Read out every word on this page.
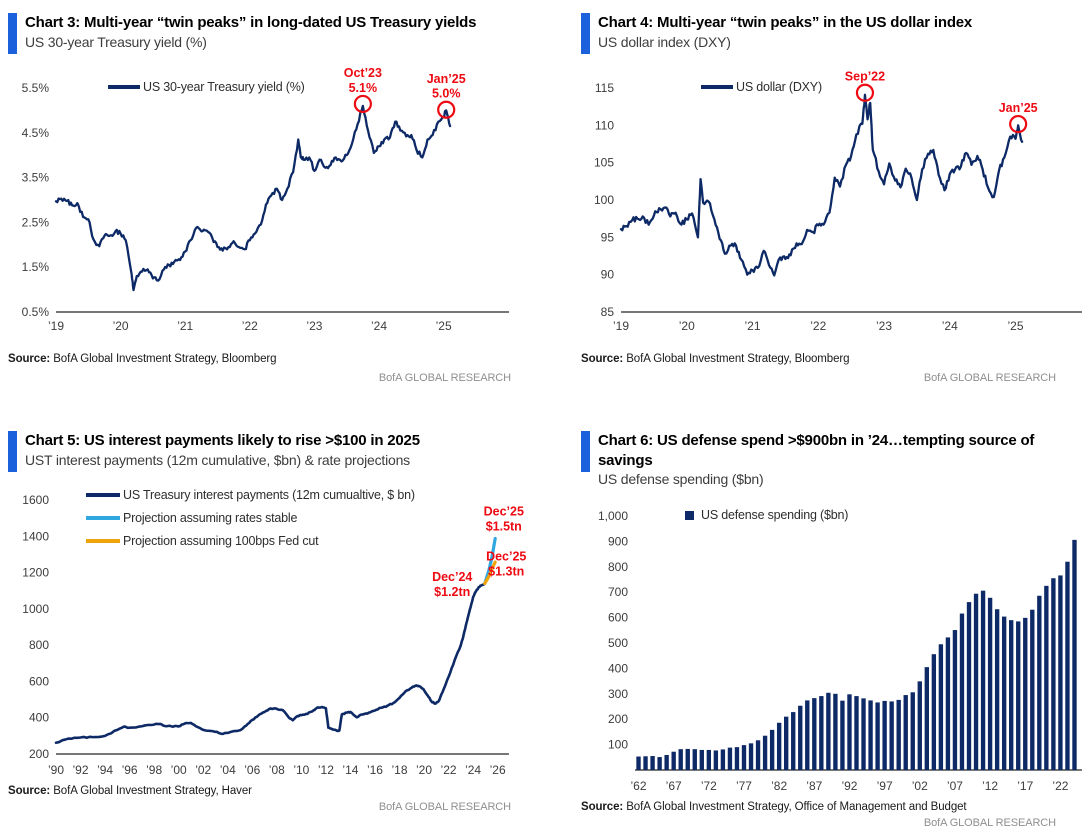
Chart 3: Multi-year “twin peaks” in long-dated US Treasury yields
US 30-year Treasury yield (%)
0.5%
1.5%
2.5%
3.5%
4.5%
5.5%
’19	’20	’21	’22	’23	’24	’25
Oct’23
5.1%
Jan’25
5.0%
US 30-year Treasury yield (%)
Source: BofA Global Investment Strategy, Bloomberg
BofA GLOBAL RESEARCH
Chart 4: Multi-year “twin peaks” in the US dollar index
US dollar index (DXY)
85
90
95
100
105
110
115
’19	’20	’21	’22	’23	’24	’25
Sep’22
Jan’25
US dollar (DXY)
Source: BofA Global Investment Strategy, Bloomberg
BofA GLOBAL RESEARCH
Chart 5: US interest payments likely to rise >$100 in 2025
UST interest payments (12m cumulative, $bn) & rate projections
200
400
600
800
1000
1200
1400
1600
’90 ’92 ’94 ’96 ’98 ’00 ’02 ’04 ’06 ’08 ’10 ’12 ’14 ’16 ’18 ’20 ’22 ’24 ’26
Dec’24
$1.2tn
Dec’25
$1.5tn
Dec’25
$1.3tn
US Treasury interest payments (12m cumualtive, $ bn)
Projection assuming rates stable
Projection assuming 100bps Fed cut
Source: BofA Global Investment Strategy, Haver
BofA GLOBAL RESEARCH
Chart 6: US defense spend >$900bn in ’24…tempting source of savings
US defense spending ($bn)
100
200
300
400
500
600
700
800
900
1,000
’62 ’67 ’72 ’77 ’82 ’87 ’92 ’97 ’02 ’07 ’12 ’17 ’22
US defense spending ($bn)
Source: BofA Global Investment Strategy, Office of Management and Budget
BofA GLOBAL RESEARCH
